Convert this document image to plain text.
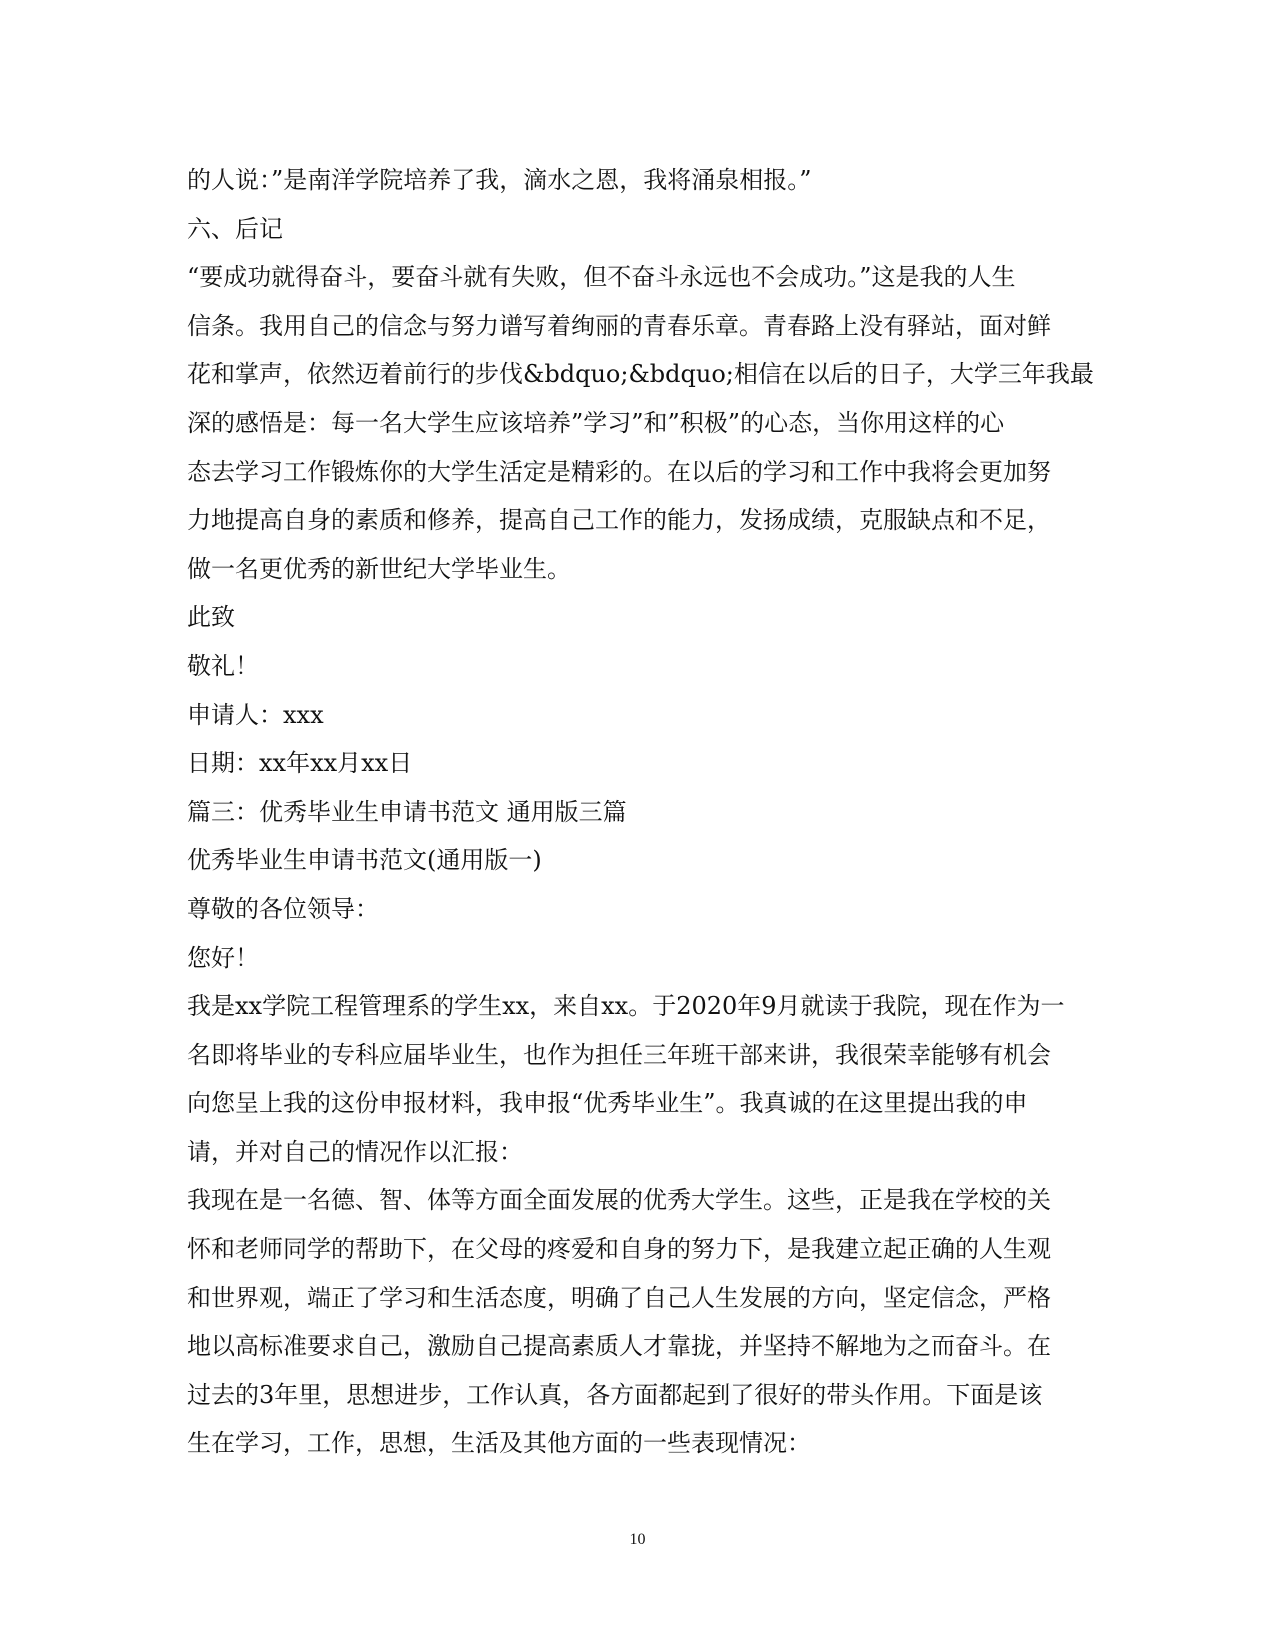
的人说：”是南洋学院培养了我，滴水之恩，我将涌泉相报。”
六、后记
“要成功就得奋斗，要奋斗就有失败，但不奋斗永远也不会成功。”这是我的人生
信条。我用自己的信念与努力谱写着绚丽的青春乐章。青春路上没有驿站，面对鲜
花和掌声，依然迈着前行的步伐&bdquo;&bdquo;相信在以后的日子，大学三年我最
深的感悟是：每一名大学生应该培养”学习”和”积极”的心态，当你用这样的心
态去学习工作锻炼你的大学生活定是精彩的。在以后的学习和工作中我将会更加努
力地提高自身的素质和修养，提高自己工作的能力，发扬成绩，克服缺点和不足，
做一名更优秀的新世纪大学毕业生。
此致
敬礼！
申请人：xxx
日期：xx年xx月xx日
篇三：优秀毕业生申请书范文 通用版三篇
优秀毕业生申请书范文(通用版一)
尊敬的各位领导：
您好！
我是xx学院工程管理系的学生xx，来自xx。于2020年9月就读于我院，现在作为一
名即将毕业的专科应届毕业生，也作为担任三年班干部来讲，我很荣幸能够有机会
向您呈上我的这份申报材料，我申报“优秀毕业生”。我真诚的在这里提出我的申
请，并对自己的情况作以汇报：
我现在是一名德、智、体等方面全面发展的优秀大学生。这些，正是我在学校的关
怀和老师同学的帮助下，在父母的疼爱和自身的努力下，是我建立起正确的人生观
和世界观，端正了学习和生活态度，明确了自己人生发展的方向，坚定信念，严格
地以高标准要求自己，激励自己提高素质人才靠拢，并坚持不解地为之而奋斗。在
过去的3年里，思想进步，工作认真，各方面都起到了很好的带头作用。下面是该
生在学习，工作，思想，生活及其他方面的一些表现情况：
10
